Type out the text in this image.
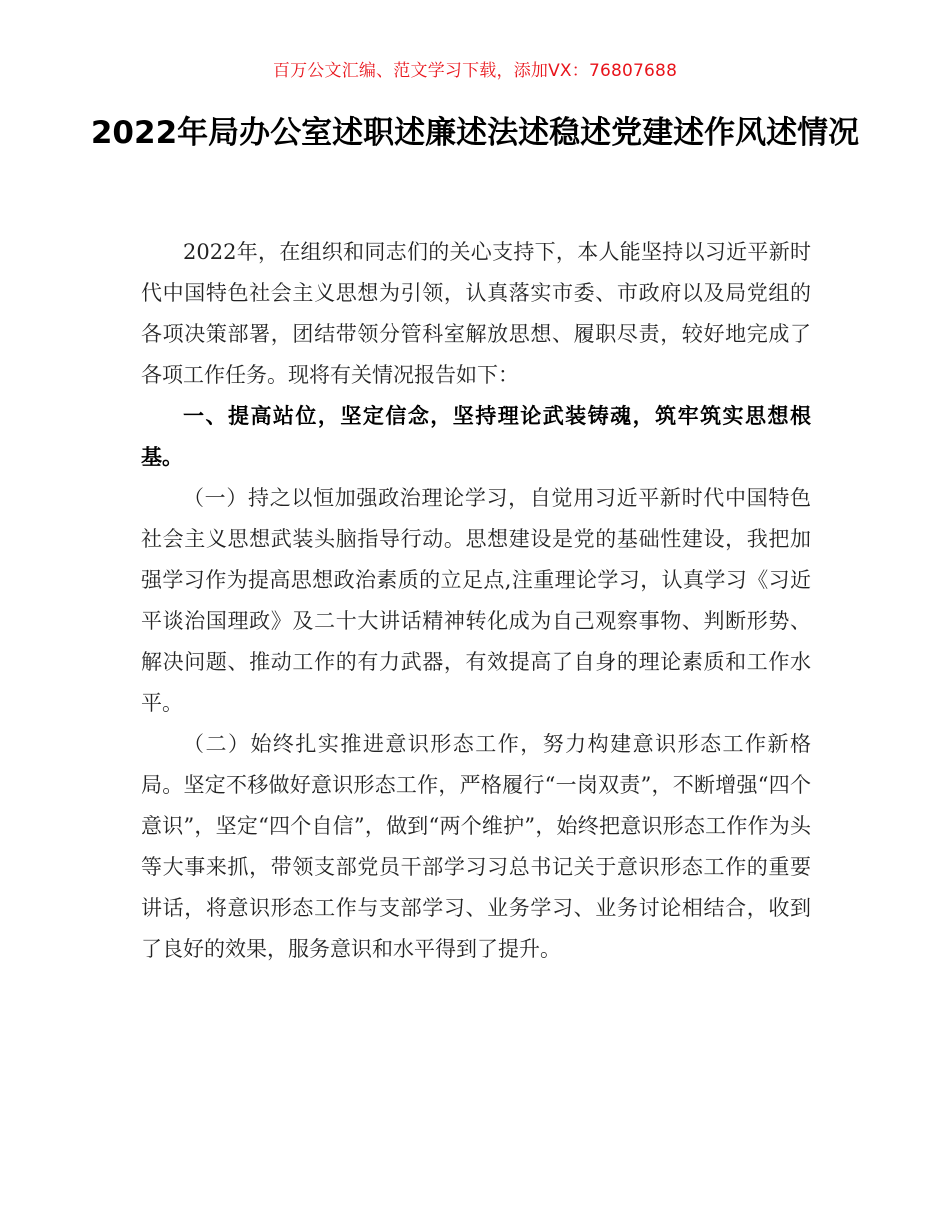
百万公文汇编、范文学习下载，添加VX：76807688
2022年局办公室述职述廉述法述稳述党建述作风述情况

2022年，在组织和同志们的关心支持下，本人能坚持以习近平新时代中国特色社会主义思想为引领，认真落实市委、市政府以及局党组的各项决策部署，团结带领分管科室解放思想、履职尽责，较好地完成了各项工作任务。现将有关情况报告如下：

一、提高站位，坚定信念，坚持理论武装铸魂，筑牢筑实思想根基。

（一）持之以恒加强政治理论学习，自觉用习近平新时代中国特色社会主义思想武装头脑指导行动。思想建设是党的基础性建设，我把加强学习作为提高思想政治素质的立足点,注重理论学习，认真学习《习近平谈治国理政》及二十大讲话精神转化成为自己观察事物、判断形势、解决问题、推动工作的有力武器，有效提高了自身的理论素质和工作水平。

（二）始终扎实推进意识形态工作，努力构建意识形态工作新格局。坚定不移做好意识形态工作，严格履行“一岗双责”，不断增强“四个意识”，坚定“四个自信”，做到“两个维护”，始终把意识形态工作作为头等大事来抓，带领支部党员干部学习习总书记关于意识形态工作的重要讲话，将意识形态工作与支部学习、业务学习、业务讨论相结合，收到了良好的效果，服务意识和水平得到了提升。
